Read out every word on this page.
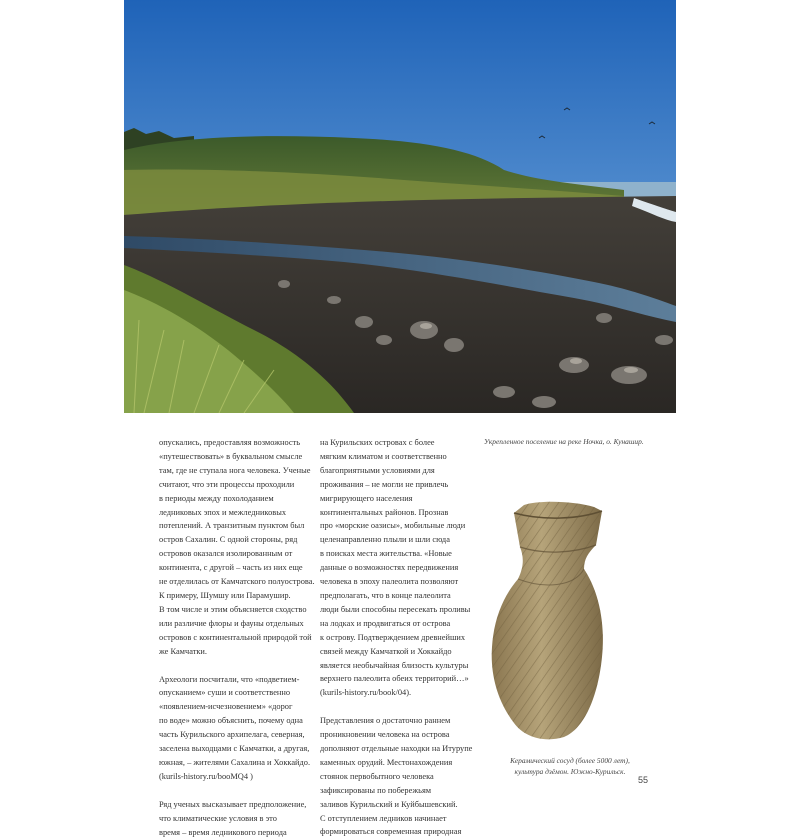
опускались, предоставляя возможность
«путешествовать» в буквальном смысле
там, где не ступала нога человека. Ученые
считают, что эти процессы проходили
в периоды между похолоданием
ледниковых эпох и межледниковых
потеплений. А транзитным пунктом был
остров Сахалин. С одной стороны, ряд
островов оказался изолированным от
континента, с другой – часть из них еще
не отделилась от Камчатского полуострова.
К примеру, Шумшу или Парамушир.
В том числе и этим объясняется сходство
или различие флоры и фауны отдельных
островов с континентальной природой той
же Камчатки.

Археологи посчитали, что «подветием-
опусканием» суши и соответственно
«появлением-исчезновением» «дорог
по воде» можно объяснить, почему одна
часть Курильского архипелага, северная,
заселена выходцами с Камчатки, а другая,
южная, – жителями Сахалина и Хоккайдо.
(kurils-history.ru/booMQ4 )

Ряд ученых высказывает предположение,
что климатические условия в это
время – время ледникового периода

на Курильских островах с более
мягким климатом и соответственно
благоприятными условиями для
проживания – не могли не привлечь
мигрирующего населения
континентальных районов. Прознав
про «морские оазисы», мобильные люди
целенаправленно плыли и шли сюда
в поисках места жительства. «Новые
данные о возможностях передвижения
человека в эпоху палеолита позволяют
предполагать, что в конце палеолита
люди были способны пересекать проливы
на лодках и продвигаться от острова
к острову. Подтверждением древнейших
связей между Камчаткой и Хоккайдо
является необычайная близость культуры
верхнего палеолита обеих территорий…»
(kurils-history.ru/book/04).

Представления о достаточно раннем
проникновении человека на острова
дополняют отдельные находки на Итурупе
каменных орудий. Местонахождения
стоянок первобытного человека
зафиксированы по побережьям
заливов Курильский и Куйбышевский.
С отступлением ледников начинает
формироваться современная природная

Укрепленное поселение на реке Ночка, о. Кунашир.
Керамический сосуд (более 5000 лет),
культура дзёмон. Южно-Курильск.
55
